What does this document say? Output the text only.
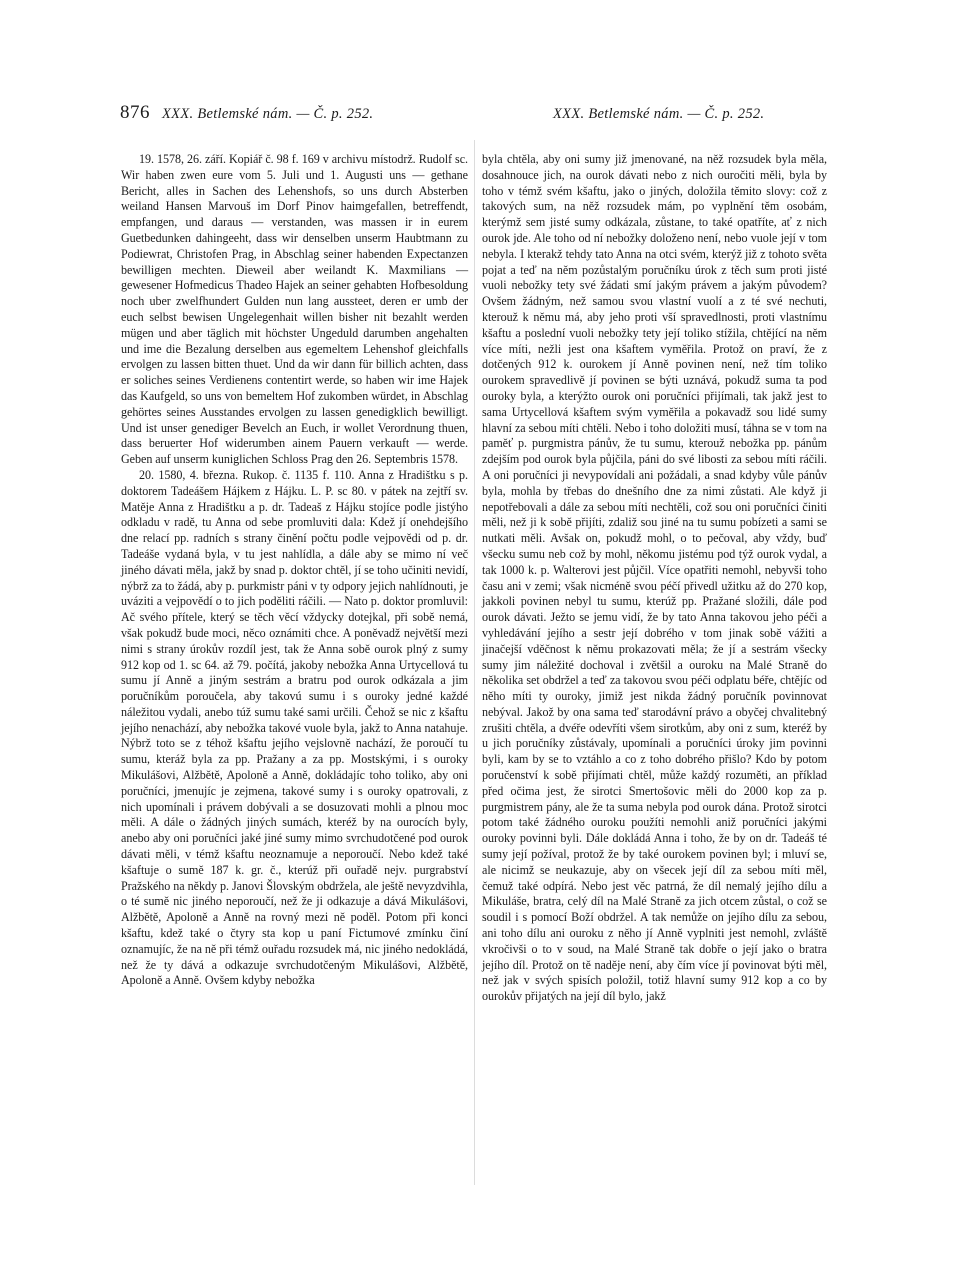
876 XXX. Betlemské nám. — Č. p. 252.	XXX. Betlemské nám. — Č. p. 252.

19. 1578, 26. září. Kopiář č. 98 f. 169 v archivu místodrž. Rudolf sc. Wir haben zwen eure vom 5. Juli und 1. Augusti uns — gethane Bericht, alles in Sachen des Lehenshofs, so uns durch Absterben weiland Hansen Marvouš im Dorf Pinov haimgefallen, betreffendt, empfangen, und daraus — verstanden, was massen ir in eurem Guetbedunken dahingeeht, dass wir denselben unserm Haubtmann zu Podiewrat, Christofen Prag, in Abschlag seiner habenden Expectanzen bewilligen mechten. Dieweil aber weilandt K. Maxmilians — gewesener Hofmedicus Thadeo Hajek an seiner gehabten Hofbesoldung noch uber zwelfhundert Gulden nun lang aussteet, deren er umb der euch selbst bewisen Ungelegenhait willen bisher nit bezahlt werden mügen und aber täglich mit höchster Ungeduld darumben angehalten und ime die Bezalung derselben aus egemeltem Lehenshof gleichfalls ervolgen zu lassen bitten thuet. Und da wir dann für billich achten, dass er soliches seines Verdienens contentirt werde, so haben wir ime Hajek das Kaufgeld, so uns von bemeltem Hof zukomben würdet, in Abschlag gehörtes seines Ausstandes ervolgen zu lassen genedigklich bewilligt. Und ist unser genediger Bevelch an Euch, ir wollet Verordnung thuen, dass beruerter Hof widerumben ainem Pauern verkauft — werde. Geben auf unserm kuniglichen Schloss Prag den 26. Septembris 1578.

20. 1580, 4. března. Rukop. č. 1135 f. 110. Anna z Hradištku s p. doktorem Tadeášem Hájkem z Hájku. L. P. sc 80. v pátek na zejtří sv. Matěje Anna z Hradištku a p. dr. Tadeaš z Hájku stojíce podle jistýho odkladu v radě, tu Anna od sebe promluviti dala: Kdež jí onehdejšího dne relací pp. radních s strany činění počtu podle vejpovědi od p. dr. Tadeáše vydaná byla, v tu jest nahlídla, a dále aby se mimo ní več jiného dávati měla, jakž by snad p. doktor chtěl, jí se toho učiniti nevidí, nýbrž za to žádá, aby p. purkmistr páni v ty odpory jejich nahlídnouti, je uváziti a vejpovědí o to jich poděliti ráčili. — Nato p. doktor promluvil: Ač svého přítele, který se těch věcí vždycky dotejkal, při sobě nemá, však pokudž bude moci, něco oznámiti chce. A poněvadž největší mezi nimi s strany úrokův rozdíl jest, tak že Anna sobě ourok plný z sumy 912 kop od 1. sc 64. až 79. počítá, jakoby nebožka Anna Urtycellová tu sumu jí Anně a jiným sestrám a bratru pod ourok odkázala a jim poručníkům poroučela, aby takovú sumu i s ouroky jedné každé náležitou vydali, anebo túž sumu také sami určili. Čehož se nic z kšaftu jejího nenachází, aby nebožka takové vuole byla, jakž to Anna natahuje. Nýbrž toto se z téhož kšaftu jejího vejslovně nachází, že poroučí tu sumu, kteráž byla za pp. Pražany a za pp. Mostskými, i s ouroky Mikulášovi, Alžbětě, Apoloně a Anně, dokládajíc toho toliko, aby oni poručníci, jmenujíc je zejmena, takové sumy i s ouroky opatrovali, z nich upomínali i právem dobývali a se dosuzovati mohli a plnou moc měli. A dále o žádných jiných sumách, kteréž by na ourocích byly, anebo aby oni poručníci jaké jiné sumy mimo svrchudotčené pod ourok dávati měli, v témž kšaftu neoznamuje a neporoučí. Nebo kdež také kšaftuje o sumě 187 k. gr. č., kterúž při ouřadě nejv. purgrabství Pražského na někdy p. Janovi Šlovským obdržela, ale ještě nevyzdvihla, o té sumě nic jiného neporoučí, než že ji odkazuje a dává Mikulášovi, Alžbětě, Apoloně a Anně na rovný mezi ně poděl. Potom při konci kšaftu, kdež také o čtyry sta kop u paní Fictumové zmínku činí oznamujíc, že na ně při témž ouřadu rozsudek má, nic jiného nedokládá, než že ty dává a odkazuje svrchudotčeným Mikulášovi, Alžbětě, Apoloně a Anně. Ovšem kdyby nebožka

byla chtěla, aby oni sumy již jmenované, na něž rozsudek byla měla, dosahnouce jich, na ourok dávati nebo z nich ouročiti měli, byla by toho v témž svém kšaftu, jako o jiných, doložila těmito slovy: což z takových sum, na něž rozsudek mám, po vyplnění těm osobám, kterýmž sem jisté sumy odkázala, zůstane, to také opatříte, ať z nich ourok jde. Ale toho od ní nebožky doloženo není, nebo vuole její v tom nebyla. I kterakž tehdy tato Anna na otci svém, kterýž již z tohoto světa pojat a teď na něm pozůstalým poručníku úrok z těch sum proti jisté vuoli nebožky tety své žádati smí jakým právem a jakým původem? Ovšem žádným, než samou svou vlastní vuolí a z té své nechuti, kterouž k němu má, aby jeho proti vší spravedlnosti, proti vlastnímu kšaftu a poslední vuoli nebožky tety její toliko stížila, chtějící na něm více míti, nežli jest ona kšaftem vyměřila. Protož on praví, že z dotčených 912 k. ourokem jí Anně povinen není, než tím toliko ourokem spravedlivě jí povinen se býti uznává, pokudž suma ta pod ouroky byla, a kterýžto ourok oni poručníci přijímali, tak jakž jest to sama Urtycellová kšaftem svým vyměřila a pokavadž sou lidé sumy hlavní za sebou míti chtěli. Nebo i toho doložiti musí, táhna se v tom na paměť p. purgmistra pánův, že tu sumu, kterouž nebožka pp. pánům zdejším pod ourok byla půjčila, páni do své libosti za sebou míti ráčili. A oni poručníci ji nevypovídali ani požádali, a snad kdyby vůle pánův byla, mohla by třebas do dnešního dne za nimi zůstati. Ale když ji nepotřebovali a dále za sebou míti nechtěli, což sou oni poručníci činiti měli, než ji k sobě přijíti, zdaliž sou jiné na tu sumu pobízeti a sami se nutkati měli. Avšak on, pokudž mohl, o to pečoval, aby vždy, buď všecku sumu neb což by mohl, někomu jistému pod týž ourok vydal, a tak 1000 k. p. Walterovi jest půjčil. Více opatřiti nemohl, nebyvši toho času ani v zemi; však nicméně svou péčí přivedl užitku až do 270 kop, jakkoli povinen nebyl tu sumu, kterúž pp. Pražané složili, dále pod ourok dávati. Ježto se jemu vidí, že by tato Anna takovou jeho péči a vyhledávání jejího a sestr její dobrého v tom jinak sobě vážiti a jinačejší vděčnost k němu prokazovati měla; že jí a sestrám všecky sumy jim náležité dochoval i zvětšil a ouroku na Malé Straně do několika set obdržel a teď za takovou svou péči odplatu béře, chtějíc od něho míti ty ouroky, jimiž jest nikda žádný poručník povinnovat nebýval. Jakož by ona sama teď starodávní právo a obyčej chvalitebný zrušiti chtěla, a dvéře odevříti všem sirotkům, aby oni z sum, kteréž by u jich poručníky zůstávaly, upomínali a poručníci úroky jim povinni byli, kam by se to vztáhlo a co z toho dobrého přišlo? Kdo by potom poručenství k sobě přijímati chtěl, může každý rozuměti, an příklad před očima jest, že sirotci Smertošovic měli do 2000 kop za p. purgmistrem pány, ale že ta suma nebyla pod ourok dána. Protož sirotci potom také žádného ouroku použíti nemohli aniž poručníci jakými ouroky povinni byli. Dále dokládá Anna i toho, že by on dr. Tadeáš té sumy její požíval, protož že by také ourokem povinen byl; i mluví se, ale nicimž se neukazuje, aby on všecek její díl za sebou míti měl, čemuž také odpírá. Nebo jest věc patrná, že díl nemalý jejího dílu a Mikuláše, bratra, celý díl na Malé Straně za jich otcem zůstal, o což se soudil i s pomocí Boží obdržel. A tak nemůže on jejího dílu za sebou, ani toho dílu ani ouroku z něho jí Anně vyplniti jest nemohl, zvláště vkročivši o to v soud, na Malé Straně tak dobře o její jako o bratra jejího díl. Protož on tě naděje není, aby čím více jí povinovat býti měl, než jak v svých spisích položil, totiž hlavní sumy 912 kop a co by ourokův přijatých na její díl bylo, jakž
